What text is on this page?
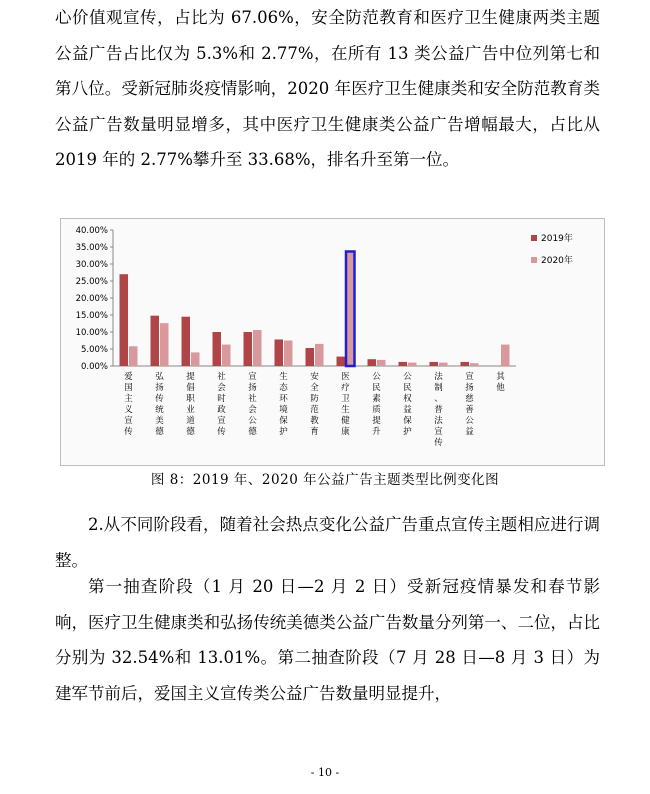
心价值观宣传，占比为 67.06%，安全防范教育和医疗卫生健康两类主题公益广告占比仅为 5.3%和 2.77%，在所有 13 类公益广告中位列第七和第八位。受新冠肺炎疫情影响，2020 年医疗卫生健康类和安全防范教育类公益广告数量明显增多，其中医疗卫生健康类公益广告增幅最大，占比从 2019 年的 2.77%攀升至 33.68%，排名升至第一位。

0.00%
5.00%
10.00%
15.00%
20.00%
25.00%
30.00%
35.00%
40.00%
爱国主义宣传
弘扬传统美德
提倡职业道德
社会时政宣传
宣扬社会公德
生态环境保护
安全防范教育
医疗卫生健康
公民素质提升
公民权益保护
法制、普法宣传
宣扬慈善公益
其他
2019年
2020年
图 8：2019 年、2020 年公益广告主题类型比例变化图

2.从不同阶段看，随着社会热点变化公益广告重点宣传主题相应进行调整。

第一抽查阶段（1 月 20 日—2 月 2 日）受新冠疫情暴发和春节影响，医疗卫生健康类和弘扬传统美德类公益广告数量分列第一、二位，占比分别为 32.54%和 13.01%。第二抽查阶段（7 月 28 日—8 月 3 日）为建军节前后，爱国主义宣传类公益广告数量明显提升，

- 10 -
